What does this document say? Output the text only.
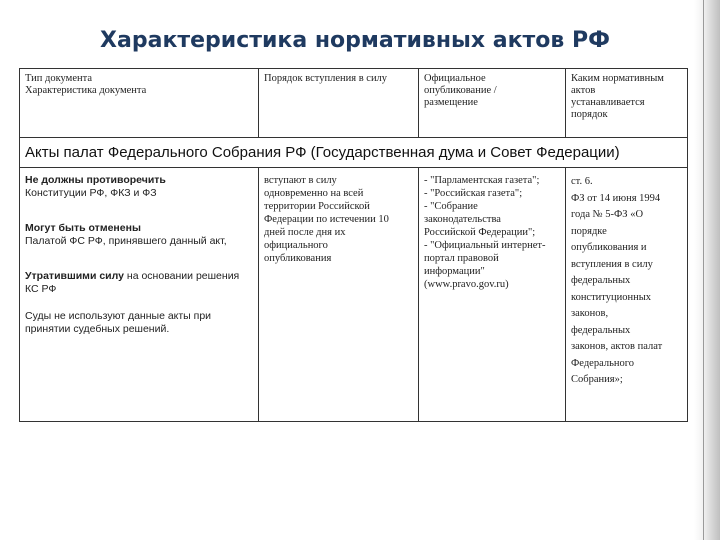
Характеристика нормативных актов РФ
Тип документа
Характеристика документа
Порядок вступления в силу	Официальное
опубликование /
размещение
Каким нормативным
актов
устанавливается
порядок
Акты палат Федерального Собрания РФ (Государственная дума и Совет Федерации)
Не должны противоречить
Конституции РФ, ФКЗ и ФЗ
Могут быть отменены
Палатой ФС РФ, принявшего данный акт,
Утратившими силу на основании решения КС РФ
Суды не используют данные акты при принятии судебных решений.
вступают в силу
одновременно на всей
территории Российской
Федерации по истечении 10
дней после дня их
официального
опубликования
- "Парламентская газета";
- "Российская газета";
- "Собрание
законодательства
Российской Федерации";
- "Официальный интернет-
портал правовой
информации"
(www.pravo.gov.ru)
ст. 6.
ФЗ от 14 июня 1994
года № 5-ФЗ «О
порядке
опубликования и
вступления в силу
федеральных
конституционных
законов,
федеральных
законов, актов палат
Федерального
Собрания»;
